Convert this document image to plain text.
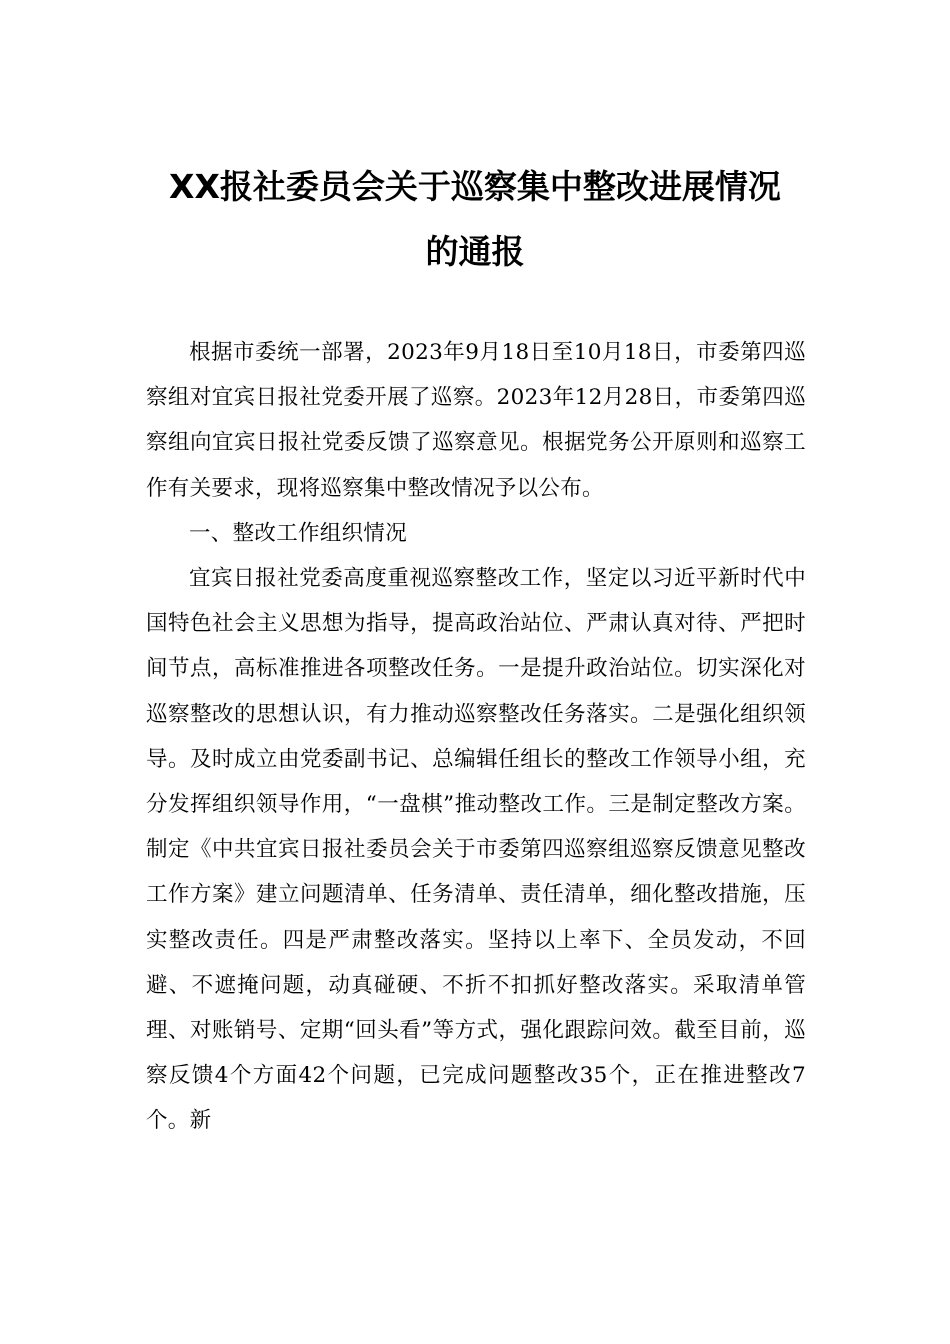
XX报社委员会关于巡察集中整改进展情况
的通报

根据市委统一部署，2023年9月18日至10月18日，市委第四巡察组对宜宾日报社党委开展了巡察。2023年12月28日，市委第四巡察组向宜宾日报社党委反馈了巡察意见。根据党务公开原则和巡察工作有关要求，现将巡察集中整改情况予以公布。

一、整改工作组织情况

宜宾日报社党委高度重视巡察整改工作，坚定以习近平新时代中国特色社会主义思想为指导，提高政治站位、严肃认真对待、严把时间节点，高标准推进各项整改任务。一是提升政治站位。切实深化对巡察整改的思想认识，有力推动巡察整改任务落实。二是强化组织领导。及时成立由党委副书记、总编辑任组长的整改工作领导小组，充分发挥组织领导作用，“一盘棋”推动整改工作。三是制定整改方案。制定《中共宜宾日报社委员会关于市委第四巡察组巡察反馈意见整改工作方案》建立问题清单、任务清单、责任清单，细化整改措施，压实整改责任。四是严肃整改落实。坚持以上率下、全员发动，不回避、不遮掩问题，动真碰硬、不折不扣抓好整改落实。采取清单管理、对账销号、定期“回头看”等方式，强化跟踪问效。截至目前，巡察反馈4个方面42个问题，已完成问题整改35个，正在推进整改7个。新
